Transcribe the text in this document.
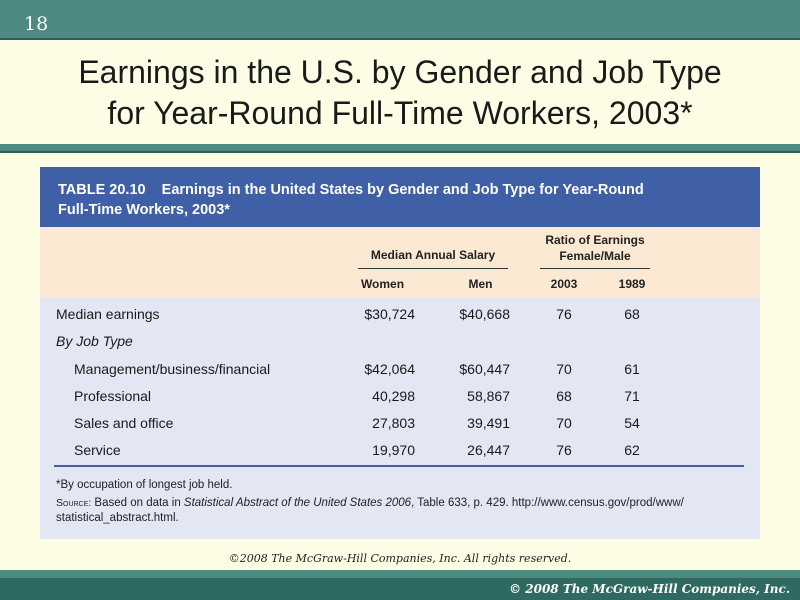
18
Earnings in the U.S. by Gender and Job Type
for Year-Round Full-Time Workers, 2003*
TABLE 20.10    Earnings in the United States by Gender and Job Type for Year-Round
Full-Time Workers, 2003*
Median Annual Salary
Ratio of Earnings
Female/Male
Women	Men	2003	1989
Median earnings	$30,724	$40,668	76	68
By Job Type
Management/business/financial	$42,064	$60,447	70	61
Professional	40,298	58,867	68	71
Sales and office	27,803	39,491	70	54
Service	19,970	26,447	76	62
*By occupation of longest job held.
Source: Based on data in Statistical Abstract of the United States 2006, Table 633, p. 429. http://www.census.gov/prod/www/
statistical_abstract.html.
©2008 The McGraw-Hill Companies, Inc. All rights reserved.
© 2008 The McGraw-Hill Companies, Inc.
